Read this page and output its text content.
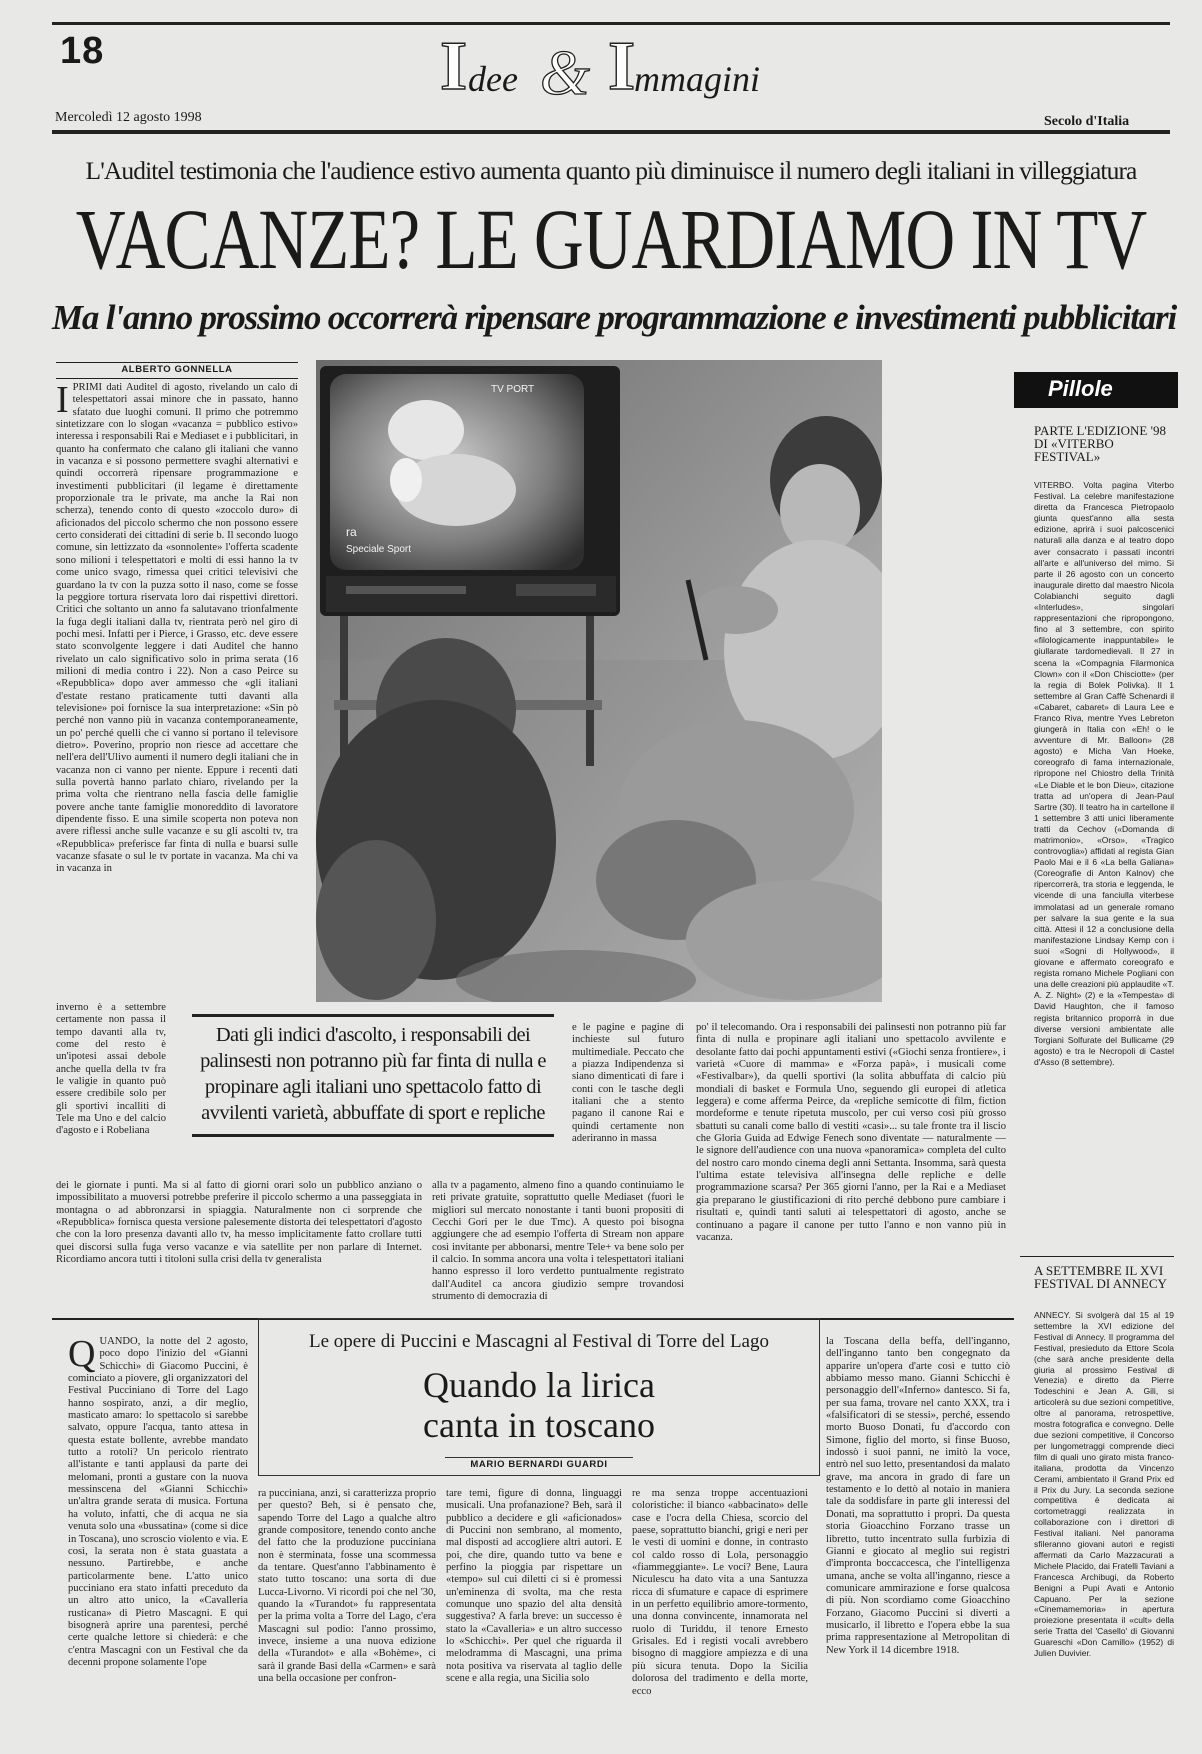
18	I dee & I
mmagini
Mercoledì 12 agosto 1998	Secolo d'Italia
L'Auditel testimonia che l'audience estivo aumenta quanto più diminuisce il numero degli italiani in villeggiatura
VACANZE? LE GUARDIAMO IN TV
Ma l'anno prossimo occorrerà ripensare programmazione e investimenti pubblicitari
ALBERTO GONNELLA
IPRIMI dati Auditel di agosto, rivelando un calo di telespettatori assai minore che in passato, hanno sfatato due luoghi comuni. Il primo che potremmo sintetizzare con lo slogan «vacanza = pubblico estivo» interessa i responsabili Rai e Mediaset e i pubblicitari, in quanto ha confermato che calano gli italiani che vanno in vacanza e si possono permettere svaghi alternativi e quindi occorrerà ripensare programmazione e investimenti pubblicitari (il legame è direttamente proporzionale tra le private, ma anche la Rai non scherza), tenendo conto di questo «zoccolo duro» di aficionados del piccolo schermo che non possono essere certo considerati dei cittadini di serie b. Il secondo luogo comune, sin lettizzato da «sonnolente» l'offerta scadente sono milioni i telespettatori e molti di essi hanno la tv come unico svago, rimessa quei critici televisivi che guardano la tv con la puzza sotto il naso, come se fosse la peggiore tortura riservata loro dai rispettivi direttori. Critici che soltanto un anno fa salutavano trionfalmente la fuga degli italiani dalla tv, rientrata però nel giro di pochi mesi. Infatti per i Pierce, i Grasso, etc. deve essere stato sconvolgente leggere i dati Auditel che hanno rivelato un calo significativo solo in prima serata (16 milioni di media contro i 22). Non a caso Peirce su «Repubblica» dopo aver ammesso che «gli italiani d'estate restano praticamente tutti davanti alla televisione» poi fornisce la sua interpretazione: «Sin pò perché non vanno più in vacanza contemporaneamente, un po' perché quelli che ci vanno si portano il televisore dietro». Poverino, proprio non riesce ad accettare che nell'era dell'Ulivo aumenti il numero degli italiani che in vacanza non ci vanno per niente. Eppure i recenti dati sulla povertà hanno parlato chiaro, rivelando per la prima volta che rientrano nella fascia delle famiglie povere anche tante famiglie monoreddito di lavoratore dipendente fisso. E una simile scoperta non poteva non avere riflessi anche sulle vacanze e su gli ascolti tv, tra «Repubblica» preferisce far finta di nulla e buarsi sulle vacanze sfasate o sul le tv portate in vacanza. Ma chi va in vacanza in
inverno è a settembre certamente non passa il tempo davanti alla tv, come del resto è un'ipotesi assai debole anche quella della tv fra le valigie in quanto può essere credibile solo per gli sportivi incalliti di Tele ma Uno e del calcio d'agosto e i Robeliana
TV PORT
ra
Speciale Sport
Pillole
PARTE L'EDIZIONE '98 DI «VITERBO FESTIVAL»
VITERBO. Volta pagina Viterbo Festival. La celebre manifestazione diretta da Francesca Pietropaolo giunta quest'anno alla sesta edizione, aprirà i suoi palcoscenici naturali alla danza e al teatro dopo aver consacrato i passati incontri all'arte e all'universo del mimo. Si parte il 26 agosto con un concerto inaugurale diretto dal maestro Nicola Colabianchi seguito dagli «Interludes», singolari rappresentazioni che ripropongono, fino al 3 settembre, con spirito «filologicamente inappuntabile» le giullarate tardomedievali. Il 27 in scena la «Compagnia Filarmonica Clown» con il «Don Chisciotte» (per la regia di Bolek Polivka). Il 1 settembre al Gran Caffè Schenardi il «Cabaret, cabaret» di Laura Lee e Franco Riva, mentre Yves Lebreton giungerà in Italia con «Eh! o le avventure di Mr. Balloon» (28 agosto) e Micha Van Hoeke, coreografo di fama internazionale, ripropone nel Chiostro della Trinità «Le Diable et le bon Dieu», citazione tratta ad un'opera di Jean-Paul Sartre (30). Il teatro ha in cartellone il 1 settembre 3 atti unici liberamente tratti da Cechov («Domanda di matrimonio», «Orso», «Tragico controvoglia») affidati al regista Gian Paolo Mai e il 6 «La bella Galiana» (Coreografie di Anton Kalnov) che ripercorrerà, tra storia e leggenda, le vicende di una fanciulla viterbese immolatasi ad un generale romano per salvare la sua gente e la sua città. Attesi il 12 a conclusione della manifestazione Lindsay Kemp con i suoi «Sogni di Hollywood», il giovane e affermato coreografo e regista romano Michele Pogliani con una delle creazioni più applaudite «T. A. Z. Night» (2) e la «Tempesta» di David Haughton, che il famoso regista britannico proporrà in due diverse versioni ambientate alle Torgiani Solfurate del Bullicame (29 agosto) e tra le Necropoli di Castel d'Asso (8 settembre).
A SETTEMBRE IL XVI FESTIVAL DI ANNECY
ANNECY. Si svolgerà dal 15 al 19 settembre la XVI edizione del Festival di Annecy. Il programma del Festival, presieduto da Ettore Scola (che sarà anche presidente della giuria al prossimo Festival di Venezia) e diretto da Pierre Todeschini e Jean A. Gili, si articolerà su due sezioni competitive, oltre al panorama, retrospettive, mostra fotografica e convegno. Delle due sezioni competitive, il Concorso per lungometraggi comprende dieci film di quali uno girato mista franco-italiana, prodotta da Vincenzo Cerami, ambientato il Grand Prix ed il Prix du Jury. La seconda sezione competitiva è dedicata ai cortometraggi realizzata in collaborazione con i direttori di Festival italiani. Nel panorama sfileranno giovani autori e registi affermati da Carlo Mazzacurati a Michele Placido, dai Fratelli Taviani a Francesca Archibugi, da Roberto Benigni a Pupi Avati e Antonio Capuano. Per la sezione «Cinemamemoria» in apertura proiezione presentata il «cult» della serie Tratta del 'Casello' di Giovanni Guareschi «Don Camillo» (1952) di Julien Duvivier.
Dati gli indici d'ascolto, i responsabili dei palinsesti non potranno più far finta di nulla e propinare agli italiani uno spettacolo fatto di avvilenti varietà, abbuffate di sport e repliche
e le pagine e pagine di inchieste sul futuro multimediale. Peccato che a piazza Indipendenza si siano dimenticati di fare i conti con le tasche degli italiani che a stento pagano il canone Rai e quindi certamente non aderiranno in massa
alla tv a pagamento, almeno fino a quando continuiamo le reti private gratuite, soprattutto quelle Mediaset (fuori le migliori sul mercato nonostante i tanti buoni propositi di Cecchi Gori per le due Tmc). A questo poi bisogna aggiungere che ad esempio l'offerta di Stream non appare così invitante per abbonarsi, mentre Tele+ va bene solo per il calcio. In somma ancora una volta i telespettatori italiani hanno espresso il loro verdetto puntualmente registrato dall'Auditel ca ancora giudizio sempre trovandosi strumento di democrazia di
po' il telecomando. Ora i responsabili dei palinsesti non potranno più far finta di nulla e propinare agli italiani uno spettacolo avvilente e desolante fatto dai pochi appuntamenti estivi («Giochi senza frontiere», i varietà «Cuore di mamma» e «Forza papà», i musicali come «Festivalbar»), da quelli sportivi (la solita abbuffata di calcio più mondiali di basket e Formula Uno, seguendo gli europei di atletica leggera) e come afferma Peirce, da «repliche semicotte di film, fiction mordeforme e tenute ripetuta muscolo, per cui verso così più grosso sbattuti su canali come ballo di vestiti «casi»... su tale fronte tra il liscio che Gloria Guida ad Edwige Fenech sono diventate — naturalmente — le signore dell'audience con una nuova «panoramica» completa del culto del nostro caro mondo cinema degli anni Settanta. Insomma, sarà questa l'ultima estate televisiva all'insegna delle repliche e delle programmazione scarsa? Per 365 giorni l'anno, per la Rai e a Mediaset gia preparano le giustificazioni di rito perché debbono pure cambiare i risultati e, quindi tanti saluti ai telespettatori di agosto, anche se continuano a pagare il canone per tutto l'anno e non vanno più in vacanza.
dei le giornate i punti. Ma si al fatto di giorni orari solo un pubblico anziano o impossibilitato a muoversi potrebbe preferire il piccolo schermo a una passeggiata in montagna o ad abbronzarsi in spiaggia. Naturalmente non ci sorprende che «Repubblica» fornisca questa versione palesemente distorta dei telespettatori d'agosto che con la loro presenza davanti allo tv, ha messo implicitamente fatto crollare tutti quei discorsi sulla fuga verso vacanze e via satellite per non parlare di Internet. Ricordiamo ancora tutti i titoloni sulla crisi della tv generalista
Le opere di Puccini e Mascagni al Festival di Torre del Lago
Quando la lirica
canta in toscano
MARIO BERNARDI GUARDI
QUANDO, la notte del 2 agosto, poco dopo l'inizio del «Gianni Schicchi» di Giacomo Puccini, è cominciato a piovere, gli organizzatori del Festival Pucciniano di Torre del Lago hanno sospirato, anzi, a dir meglio, masticato amaro: lo spettacolo si sarebbe salvato, oppure l'acqua, tanto attesa in questa estate bollente, avrebbe mandato tutto a rotoli? Un pericolo rientrato all'istante e tanti applausi da parte dei melomani, pronti a gustare con la nuova messinscena del «Gianni Schicchi» un'altra grande serata di musica. Fortuna ha voluto, infatti, che di acqua ne sia venuta solo una «bussatina» (come si dice in Toscana), uno scroscio violento e via. E così, la serata non è stata guastata a nessuno. Partirebbe, e anche particolarmente bene. L'atto unico pucciniano era stato infatti preceduto da un altro atto unico, la «Cavalleria rusticana» di Pietro Mascagni. E qui bisognerà aprire una parentesi, perché certe qualche lettore si chiederà: e che c'entra Mascagni con un Festival che da decenni propone solamente l'ope
ra pucciniana, anzi, si caratterizza proprio per questo? Beh, si è pensato che, sapendo Torre del Lago a qualche altro grande compositore, tenendo conto anche del fatto che la produzione pucciniana non è sterminata, fosse una scommessa da tentare. Quest'anno l'abbinamento è stato tutto toscano: una sorta di due Lucca-Livorno. Vi ricordi poi che nel '30, quando la «Turandot» fu rappresentata per la prima volta a Torre del Lago, c'era Mascagni sul podio: l'anno prossimo, invece, insieme a una nuova edizione della «Turandot» e alla «Bohème», ci sarà il grande Basi della «Carmen» e sarà una bella occasione per confron-
tare temi, figure di donna, linguaggi musicali. Una profanazione? Beh, sarà il pubblico a decidere e gli «aficionados» di Puccini non sembrano, al momento, mal disposti ad accogliere altri autori. E poi, che dire, quando tutto va bene e perfino la pioggia par rispettare un «tempo» sul cui diletti ci si è promessi un'eminenza di svolta, ma che resta comunque uno spazio del alta densità suggestiva? A farla breve: un successo è stato la «Cavalleria» e un altro successo lo «Schicchi». Per quel che riguarda il melodramma di Mascagni, una prima nota positiva va riservata al taglio delle scene e alla regia, una Sicilia solo
re ma senza troppe accentuazioni coloristiche: il bianco «abbacinato» delle case e l'ocra della Chiesa, scorcio del paese, soprattutto bianchi, grigi e neri per le vesti di uomini e donne, in contrasto col caldo rosso di Lola, personaggio «fiammeggiante». Le voci? Bene, Laura Niculescu ha dato vita a una Santuzza ricca di sfumature e capace di esprimere in un perfetto equilibrio amore-tormento, una donna convincente, innamorata nel ruolo di Turiddu, il tenore Ernesto Grisales. Ed i registi vocali avrebbero bisogno di maggiore ampiezza e di una più sicura tenuta. Dopo la Sicilia dolorosa del tradimento e della morte, ecco
la Toscana della beffa, dell'inganno, dell'inganno tanto ben congegnato da apparire un'opera d'arte così e tutto ciò abbiamo messo mano. Gianni Schicchi è personaggio dell'«Inferno» dantesco. Si fa, per sua fama, trovare nel canto XXX, tra i «falsificatori di se stessi», perché, essendo morto Buoso Donati, fu d'accordo con Simone, figlio del morto, si finse Buoso, indossò i suoi panni, ne imitò la voce, entrò nel suo letto, presentandosi da malato grave, ma ancora in grado di fare un testamento e lo dettò al notaio in maniera tale da soddisfare in parte gli interessi del Donati, ma soprattutto i propri. Da questa storia Gioacchino Forzano trasse un libretto, tutto incentrato sulla furbizia di Gianni e giocato al meglio sui registri d'impronta boccaccesca, che l'intelligenza umana, anche se volta all'inganno, riesce a comunicare ammirazione e forse qualcosa di più. Non scordiamo come Gioacchino Forzano, Giacomo Puccini si diverti a musicarlo, il libretto e l'opera ebbe la sua prima rappresentazione al Metropolitan di New York il 14 dicembre 1918.
